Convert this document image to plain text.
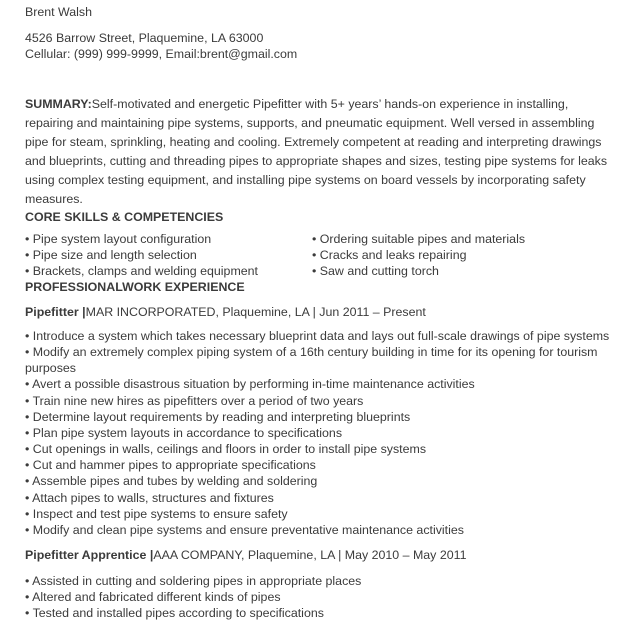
Brent Walsh
4526 Barrow Street, Plaquemine, LA 63000
Cellular: (999) 999-9999, Email:brent@gmail.com
SUMMARY:Self-motivated and energetic Pipefitter with 5+ years’ hands-on experience in installing, repairing and maintaining pipe systems, supports, and pneumatic equipment. Well versed in assembling pipe for steam, sprinkling, heating and cooling. Extremely competent at reading and interpreting drawings and blueprints, cutting and threading pipes to appropriate shapes and sizes, testing pipe systems for leaks using complex testing equipment, and installing pipe systems on board vessels by incorporating safety measures.
CORE SKILLS & COMPETENCIES
• Pipe system layout configuration
• Pipe size and length selection
• Brackets, clamps and welding equipment
• Ordering suitable pipes and materials
• Cracks and leaks repairing
• Saw and cutting torch
PROFESSIONALWORK EXPERIENCE
Pipefitter |MAR INCORPORATED, Plaquemine, LA | Jun 2011 – Present
• Introduce a system which takes necessary blueprint data and lays out full-scale drawings of pipe systems
• Modify an extremely complex piping system of a 16th century building in time for its opening for tourism purposes
• Avert a possible disastrous situation by performing in-time maintenance activities
• Train nine new hires as pipefitters over a period of two years
• Determine layout requirements by reading and interpreting blueprints
• Plan pipe system layouts in accordance to specifications
• Cut openings in walls, ceilings and floors in order to install pipe systems
• Cut and hammer pipes to appropriate specifications
• Assemble pipes and tubes by welding and soldering
• Attach pipes to walls, structures and fixtures
• Inspect and test pipe systems to ensure safety
• Modify and clean pipe systems and ensure preventative maintenance activities
Pipefitter Apprentice |AAA COMPANY, Plaquemine, LA | May 2010 – May 2011
• Assisted in cutting and soldering pipes in appropriate places
• Altered and fabricated different kinds of pipes
• Tested and installed pipes according to specifications
